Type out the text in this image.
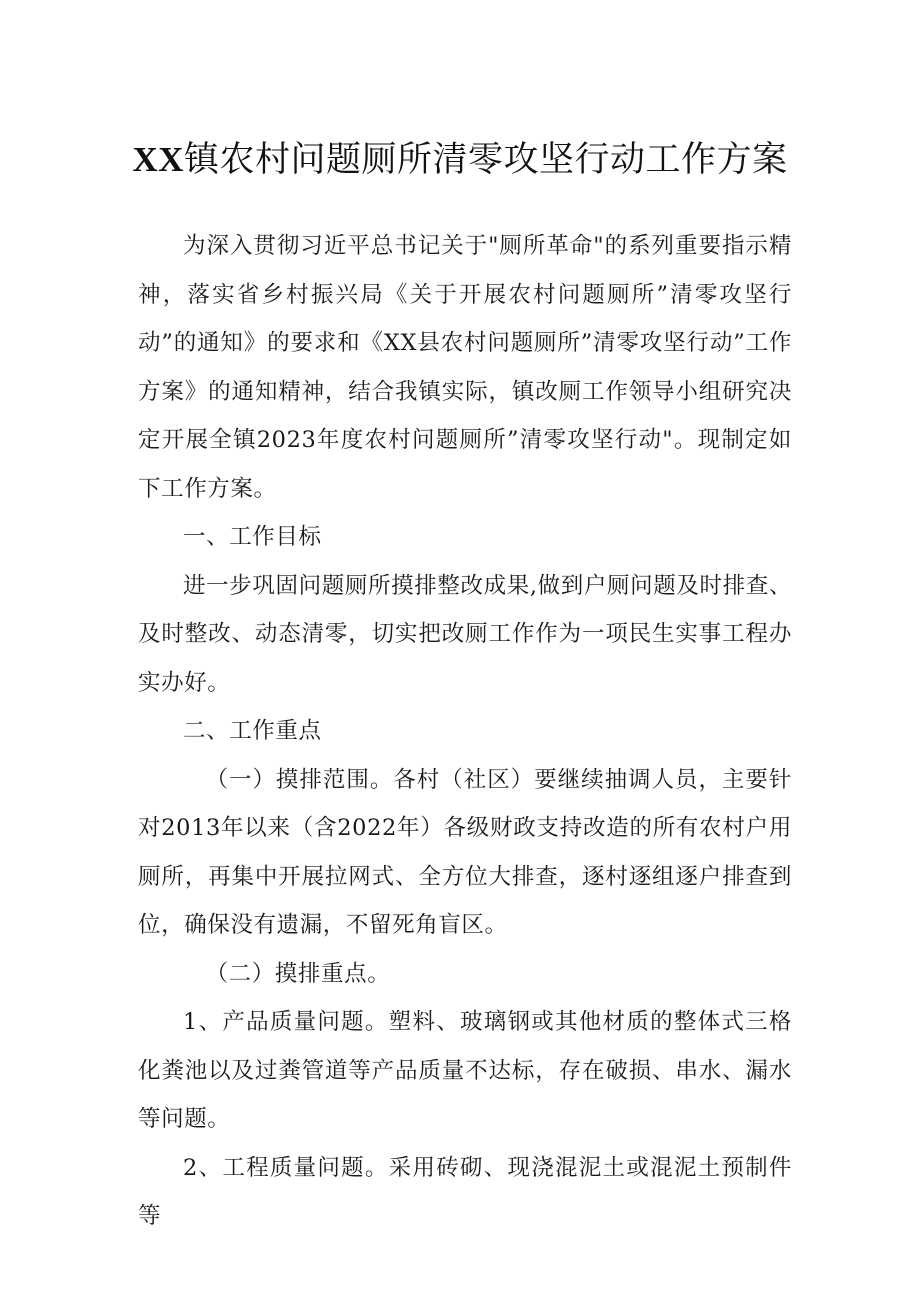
XX镇农村问题厕所清零攻坚行动工作方案

为深入贯彻习近平总书记关于"厕所革命"的系列重要指示精神，落实省乡村振兴局《关于开展农村问题厕所”清零攻坚行动”的通知》的要求和《XX县农村问题厕所”清零攻坚行动”工作方案》的通知精神，结合我镇实际，镇改厕工作领导小组研究决定开展全镇2023年度农村问题厕所”清零攻坚行动"。现制定如下工作方案。

一、工作目标

进一步巩固问题厕所摸排整改成果,做到户厕问题及时排查、及时整改、动态清零，切实把改厕工作作为一项民生实事工程办实办好。

二、工作重点

（一）摸排范围。各村（社区）要继续抽调人员，主要针对2013年以来（含2022年）各级财政支持改造的所有农村户用厕所，再集中开展拉网式、全方位大排查，逐村逐组逐户排查到位，确保没有遗漏，不留死角盲区。

（二）摸排重点。

1、产品质量问题。塑料、玻璃钢或其他材质的整体式三格化粪池以及过粪管道等产品质量不达标，存在破损、串水、漏水等问题。

2、工程质量问题。采用砖砌、现浇混泥土或混泥土预制件等
